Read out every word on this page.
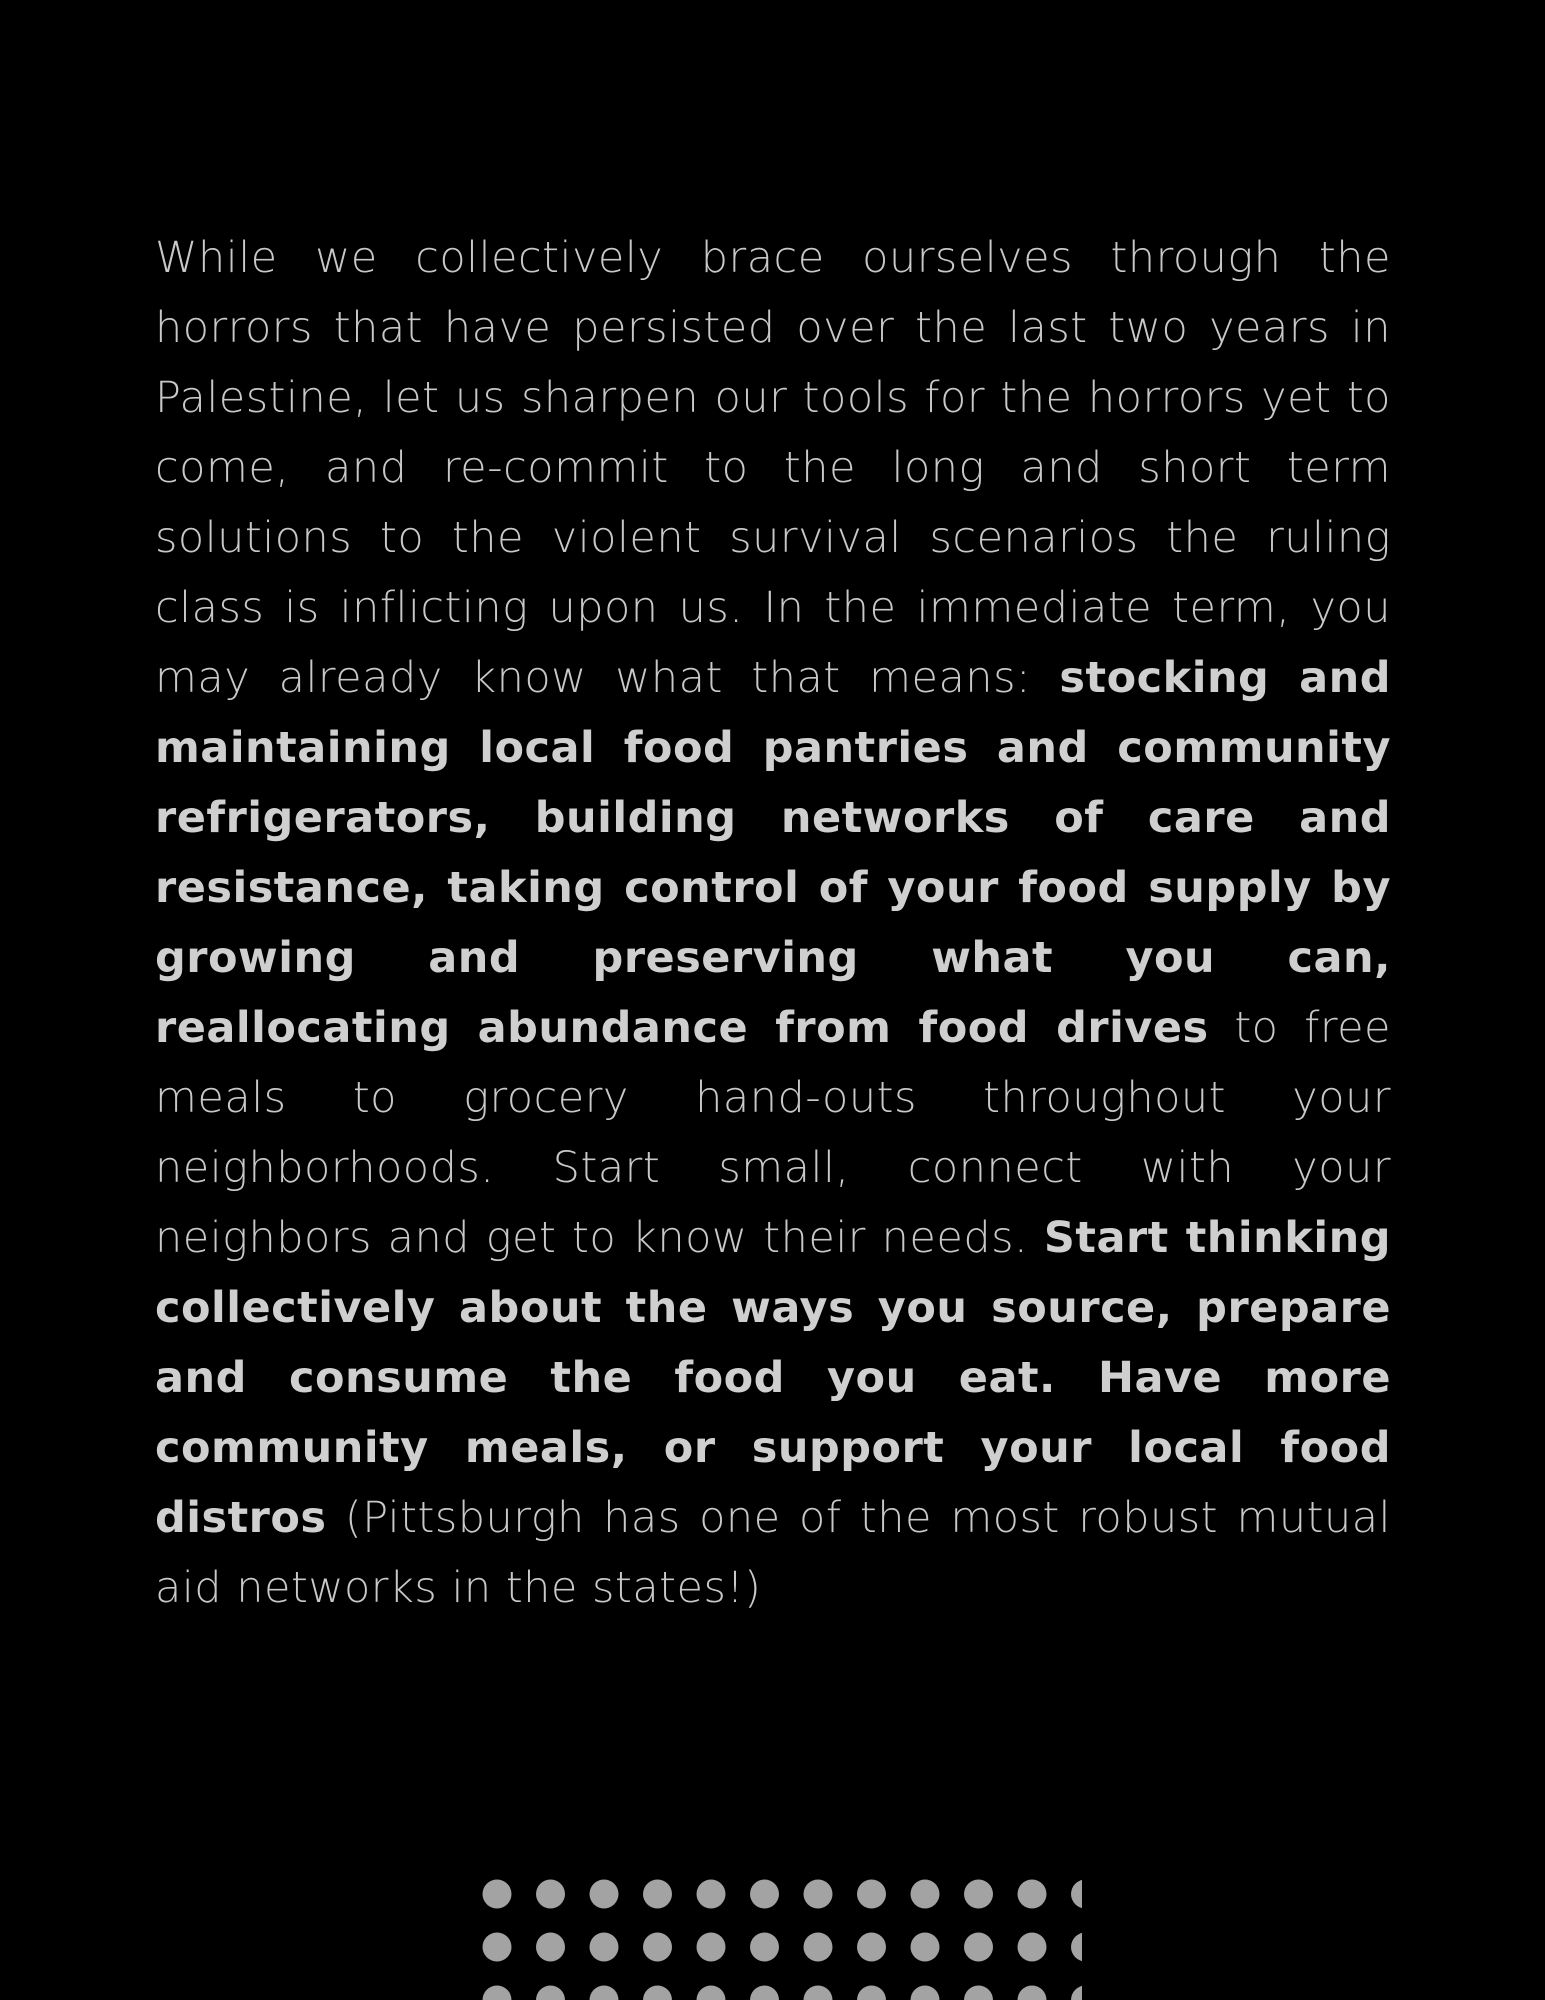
While we collectively brace ourselves through the horrors that have persisted over the last two years in Palestine, let us sharpen our tools for the horrors yet to come, and re-commit to the long and short term solutions to the violent survival scenarios the ruling class is inflicting upon us. In the immediate term, you may already know what that means: stocking and maintaining local food pantries and community refrigerators, building networks of care and resistance, taking control of your food supply by growing and preserving what you can, reallocating abundance from food drives to free meals to grocery hand-outs throughout your neighborhoods. Start small, connect with your neighbors and get to know their needs. Start thinking collectively about the ways you source, prepare and consume the food you eat. Have more community meals, or support your local food distros (Pittsburgh has one of the most robust mutual aid networks in the states!)
